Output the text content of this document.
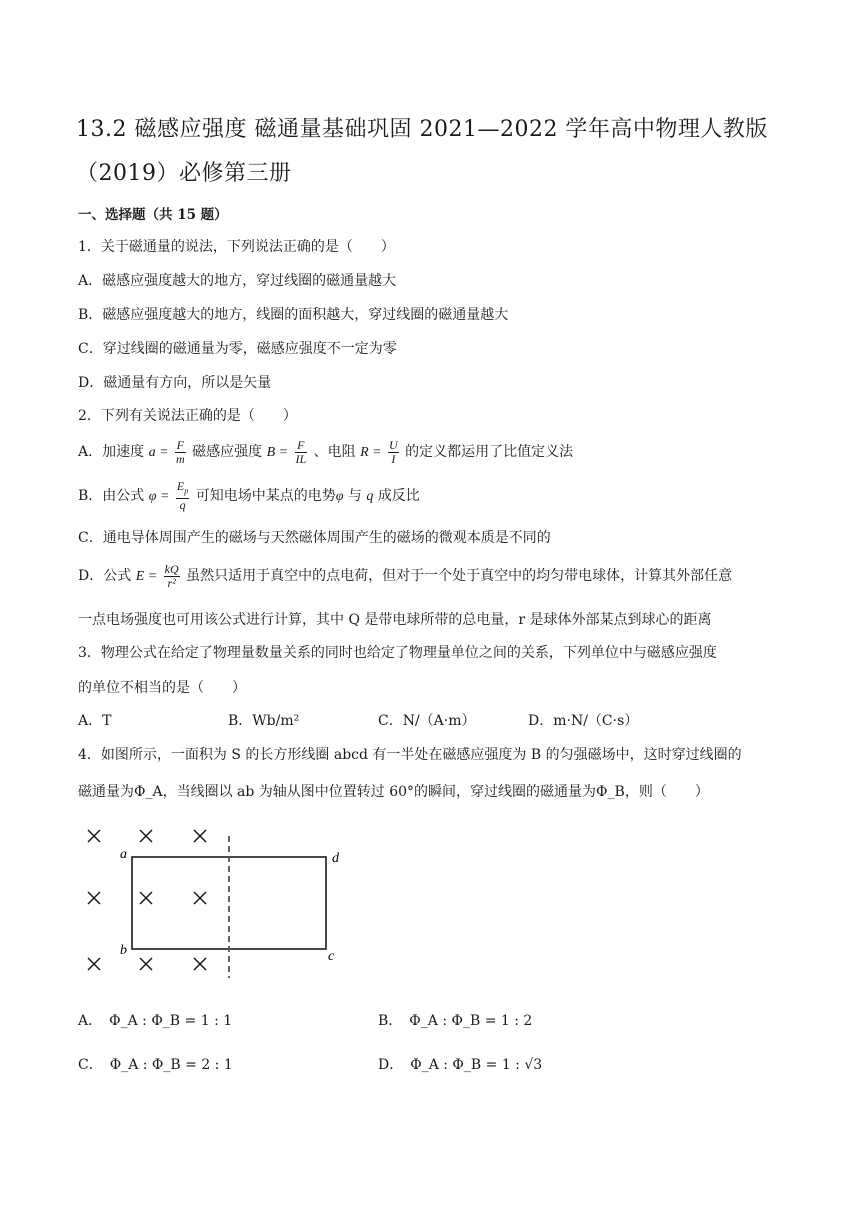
13.2 磁感应强度 磁通量基础巩固 2021—2022 学年高中物理人教版
（2019）必修第三册
一、选择题（共 15 题）
1．关于磁通量的说法，下列说法正确的是（　　）
A．磁感应强度越大的地方，穿过线圈的磁通量越大
B．磁感应强度越大的地方，线圈的面积越大，穿过线圈的磁通量越大
C．穿过线圈的磁通量为零，磁感应强度不一定为零
D．磁通量有方向，所以是矢量
2．下列有关说法正确的是（　　）
A．加速度 $a = \frac{F}{m}$ 磁感应强度 $B = \frac{F}{IL}$ 、电阻 $R = \frac{U}{I}$ 的定义都运用了比值定义法
B．由公式 $\varphi = \frac{E_p}{q}$ 可知电场中某点的电势φ 与 q 成反比
C．通电导体周围产生的磁场与天然磁体周围产生的磁场的微观本质是不同的
D．公式 $E = \frac{kQ}{\text{r²}}$ 虽然只适用于真空中的点电荷，但对于一个处于真空中的均匀带电球体，计算其外部任意
一点电场强度也可用该公式进行计算，其中 Q 是带电球所带的总电量，r 是球体外部某点到球心的距离
3．物理公式在给定了物理量数量关系的同时也给定了物理量单位之间的关系，下列单位中与磁感应强度
的单位不相当的是（　　）
A．T	B．Wb/m²	C．N/（A·m）	D．m·N/（C·s）
4．如图所示，一面积为 S 的长方形线圈 abcd 有一半处在磁感应强度为 B 的匀强磁场中，这时穿过线圈的
磁通量为Φ_A，当线圈以 ab 为轴从图中位置转过 60°的瞬间，穿过线圈的磁通量为Φ_B，则（　　）
a	d
b	c
A．　Φ_A : Φ_B = 1 : 1	B．　Φ_A : Φ_B = 1 : 2
C．　Φ_A : Φ_B = 2 : 1	D．　Φ_A : Φ_B = 1 : √3
